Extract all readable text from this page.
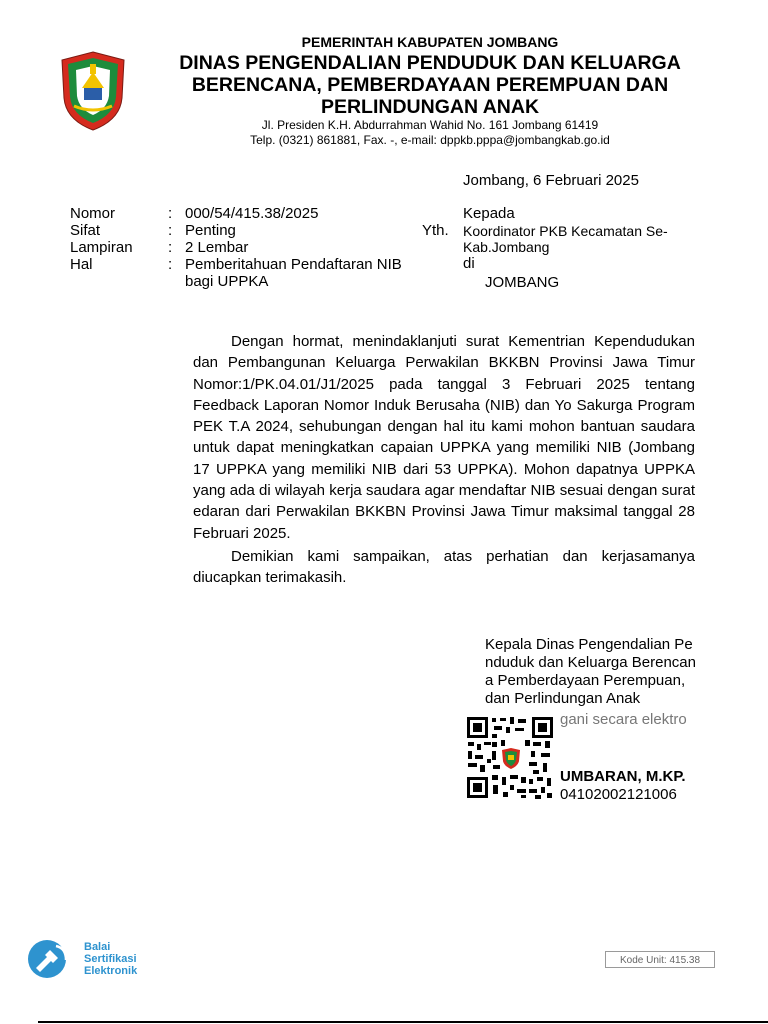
PEMERINTAH KABUPATEN JOMBANG
DINAS PENGENDALIAN PENDUDUK DAN KELUARGA
BERENCANA, PEMBERDAYAAN PEREMPUAN DAN
PERLINDUNGAN ANAK
Jl. Presiden K.H. Abdurrahman Wahid No. 161 Jombang 61419
Telp. (0321) 861881, Fax. -, e-mail: dppkb.pppa@jombangkab.go.id
Jombang, 6 Februari 2025
Nomor	: 000/54/415.38/2025
Sifat	: Penting
Lampiran	: 2 Lembar
Hal	: Pemberitahuan Pendaftaran NIB bagi UPPKA
Yth.
Kepada
Koordinator PKB Kecamatan Se-Kab.Jombang
di
JOMBANG

Dengan hormat, menindaklanjuti surat Kementrian Kependudukan dan Pembangunan Keluarga Perwakilan BKKBN Provinsi Jawa Timur Nomor:1/PK.04.01/J1/2025 pada tanggal 3 Februari 2025 tentang Feedback Laporan Nomor Induk Berusaha (NIB) dan Yo Sakurga Program PEK T.A 2024, sehubungan dengan hal itu kami mohon bantuan saudara untuk dapat meningkatkan capaian UPPKA yang memiliki NIB (Jombang 17 UPPKA yang memiliki NIB dari 53 UPPKA). Mohon dapatnya UPPKA yang ada di wilayah kerja saudara agar mendaftar NIB sesuai dengan surat edaran dari Perwakilan BKKBN Provinsi Jawa Timur maksimal tanggal 28 Februari 2025.

Demikian kami sampaikan, atas perhatian dan kerjasamanya diucapkan terimakasih.

Kepala Dinas Pengendalian Penduduk dan Keluarga Berencana Pemberdayaan Perempuan, dan Perlindungan Anak
gani secara elektro
UMBARAN, M.KP.
04102002121006
Balai
Sertifikasi
Elektronik
Kode Unit: 415.38
